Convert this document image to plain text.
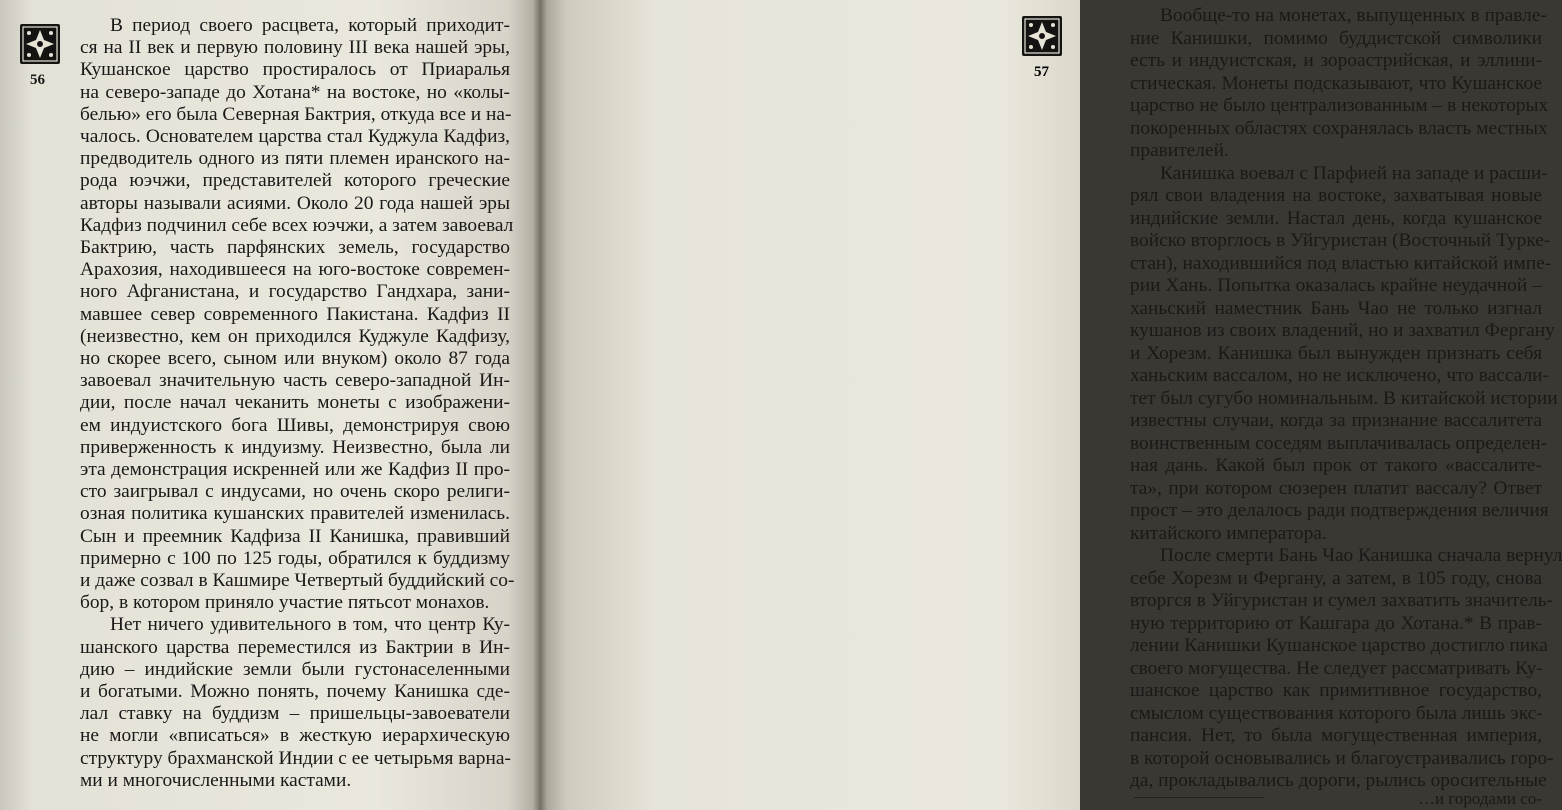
56
В период своего расцвета, который приходит-
ся на II век и первую половину III века нашей эры,
Кушанское царство простиралось от Приаралья
на северо-западе до Хотана* на востоке, но «колы-
белью» его была Северная Бактрия, откуда все и на-
чалось. Основателем царства стал Куджула Кадфиз,
предводитель одного из пяти племен иранского на-
рода юэчжи, представителей которого греческие
авторы называли асиями. Около 20 года нашей эры
Кадфиз подчинил себе всех юэчжи, а затем завоевал
Бактрию, часть парфянских земель, государство
Арахозия, находившееся на юго-востоке современ-
ного Афганистана, и государство Гандхара, зани-
мавшее север современного Пакистана. Кадфиз II
(неизвестно, кем он приходился Куджуле Кадфизу,
но скорее всего, сыном или внуком) около 87 года
завоевал значительную часть северо-западной Ин-
дии, после начал чеканить монеты с изображени-
ем индуистского бога Шивы, демонстрируя свою
приверженность к индуизму. Неизвестно, была ли
эта демонстрация искренней или же Кадфиз II про-
сто заигрывал с индусами, но очень скоро религи-
озная политика кушанских правителей изменилась.
Сын и преемник Кадфиза II Канишка, правивший
примерно с 100 по 125 годы, обратился к буддизму
и даже созвал в Кашмире Четвертый буддийский со-
бор, в котором приняло участие пятьсот монахов.
Нет ничего удивительного в том, что центр Ку-
шанского царства переместился из Бактрии в Ин-
дию – индийские земли были густонаселенными
и богатыми. Можно понять, почему Канишка сде-
лал ставку на буддизм – пришельцы-завоеватели
не могли «вписаться» в жесткую иерархическую
структуру брахманской Индии с ее четырьмя варна-
ми и многочисленными кастами.
Вообще-то на монетах, выпущенных в правле-
ние Канишки, помимо буддистской символики
есть и индуистская, и зороастрийская, и эллини-
стическая. Монеты подсказывают, что Кушанское
царство не было централизованным – в некоторых
покоренных областях сохранялась власть местных
правителей.
Канишка воевал с Парфией на западе и расши-
рял свои владения на востоке, захватывая новые
индийские земли. Настал день, когда кушанское
войско вторглось в Уйгуристан (Восточный Турке-
стан), находившийся под властью китайской импе-
рии Хань. Попытка оказалась крайне неудачной –
ханьский наместник Бань Чао не только изгнал
кушанов из своих владений, но и захватил Фергану
и Хорезм. Канишка был вынужден признать себя
ханьским вассалом, но не исключено, что вассали-
тет был сугубо номинальным. В китайской истории
известны случаи, когда за признание вассалитета
воинственным соседям выплачивалась определен-
ная дань. Какой был прок от такого «вассалите-
та», при котором сюзерен платит вассалу? Ответ
прост – это делалось ради подтверждения величия
китайского императора.
После смерти Бань Чао Канишка сначала вернул
себе Хорезм и Фергану, а затем, в 105 году, снова
вторгся в Уйгуристан и сумел захватить значитель-
ную территорию от Кашгара до Хотана.* В прав-
лении Канишки Кушанское царство достигло пика
своего могущества. Не следует рассматривать Ку-
шанское царство как примитивное государство,
смыслом существования которого была лишь экс-
пансия. Нет, то была могущественная империя,
в которой основывались и благоустраивались горо-
да, прокладывались дороги, рылись оросительные
…и городами со-
57
